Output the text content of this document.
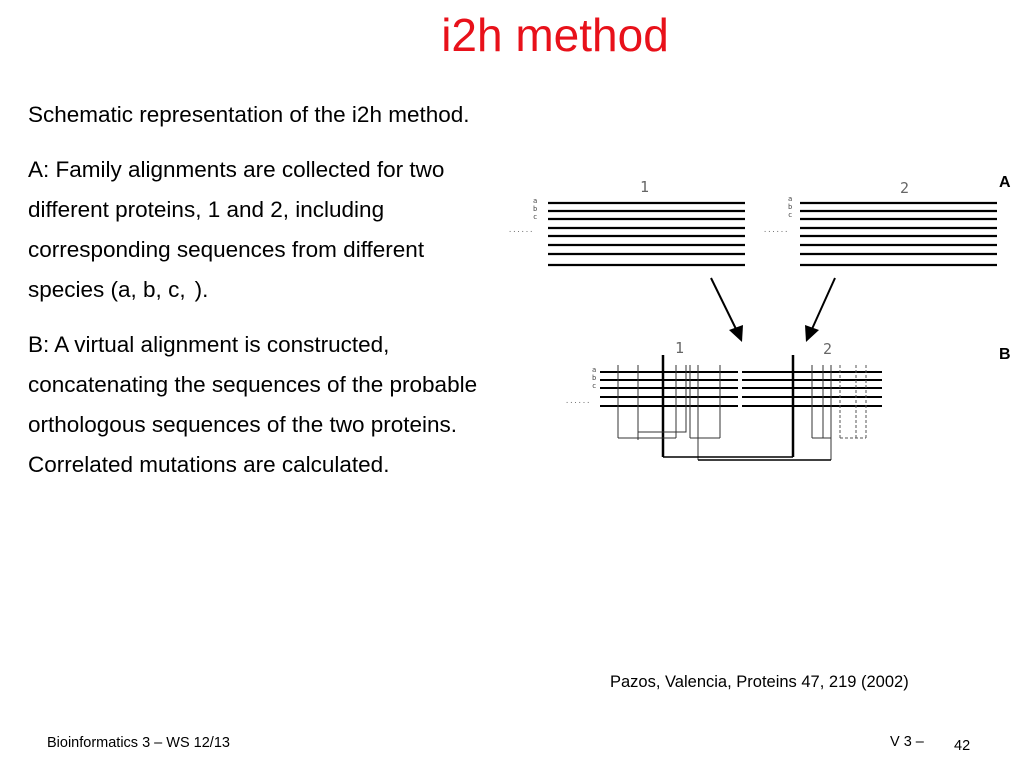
i2h method

Schematic representation of the i2h method.

A: Family alignments are collected for two different proteins, 1 and 2, including corresponding sequences from different species (a, b, c,  ).

B: A virtual alignment is constructed, concatenating the sequences of the probable orthologous sequences of the two proteins. Correlated mutations are calculated.

A
B
1
a
b
c
......
2
a
b
c
......
1	2
a
b
c
......
Pazos, Valencia, Proteins 47, 219 (2002)
Bioinformatics 3 – WS 12/13	V 3 – 42
